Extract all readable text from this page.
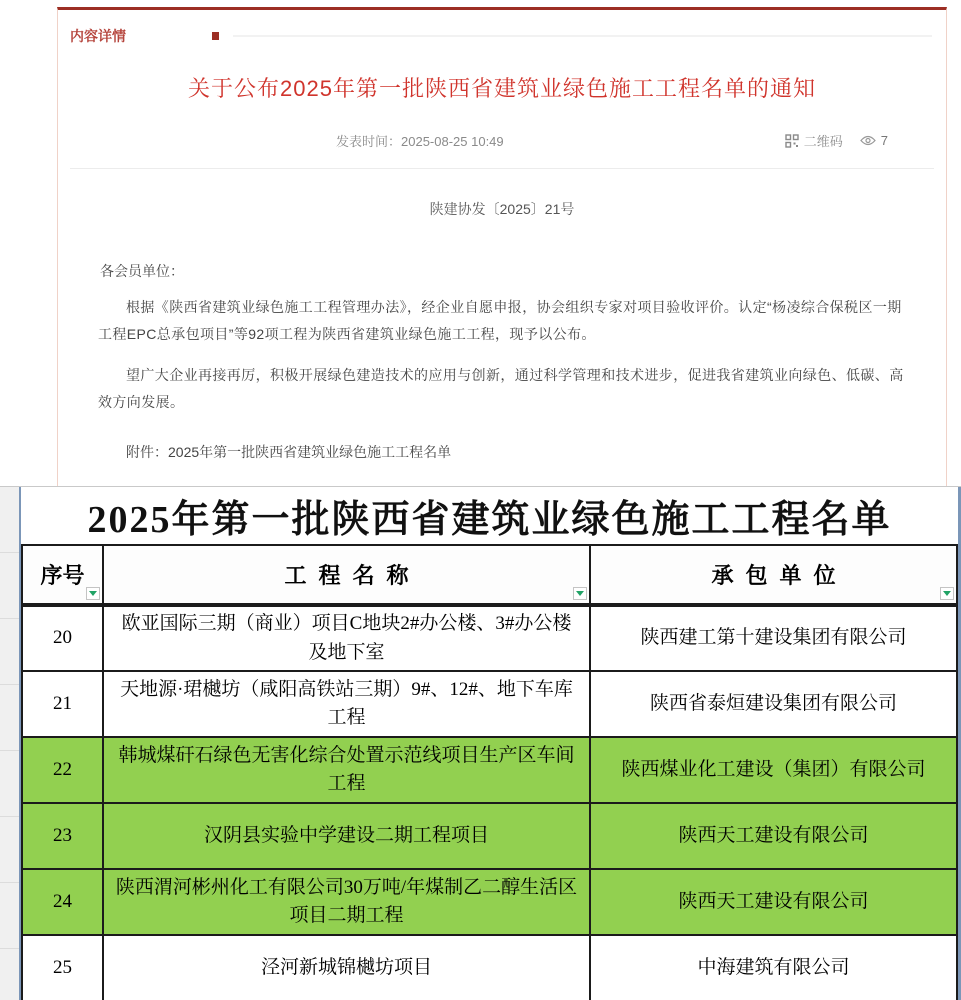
内容详情
关于公布2025年第一批陕西省建筑业绿色施工工程名单的通知
发表时间：2025-08-25 10:49	二维码	7
陕建协发〔2025〕21号
各会员单位：

根据《陕西省建筑业绿色施工工程管理办法》，经企业自愿申报，协会组织专家对项目验收评价。认定“杨凌综合保税区一期工程EPC总承包项目”等92项工程为陕西省建筑业绿色施工工程，现予以公布。

望广大企业再接再厉，积极开展绿色建造技术的应用与创新，通过科学管理和技术进步，促进我省建筑业向绿色、低碳、高效方向发展。

附件：2025年第一批陕西省建筑业绿色施工工程名单
2025年第一批陕西省建筑业绿色施工工程名单
序号	工程名称	承包单位

20	欧亚国际三期（商业）项目C地块2#办公楼、3#办公楼及地下室	陕西建工第十建设集团有限公司
21	天地源·珺樾坊（咸阳高铁站三期）9#、12#、地下车库工程	陕西省泰烜建设集团有限公司
22	韩城煤矸石绿色无害化综合处置示范线项目生产区车间工程	陕西煤业化工建设（集团）有限公司
23	汉阴县实验中学建设二期工程项目	陕西天工建设有限公司
24	陕西渭河彬州化工有限公司30万吨/年煤制乙二醇生活区项目二期工程	陕西天工建设有限公司
25	泾河新城锦樾坊项目	中海建筑有限公司
